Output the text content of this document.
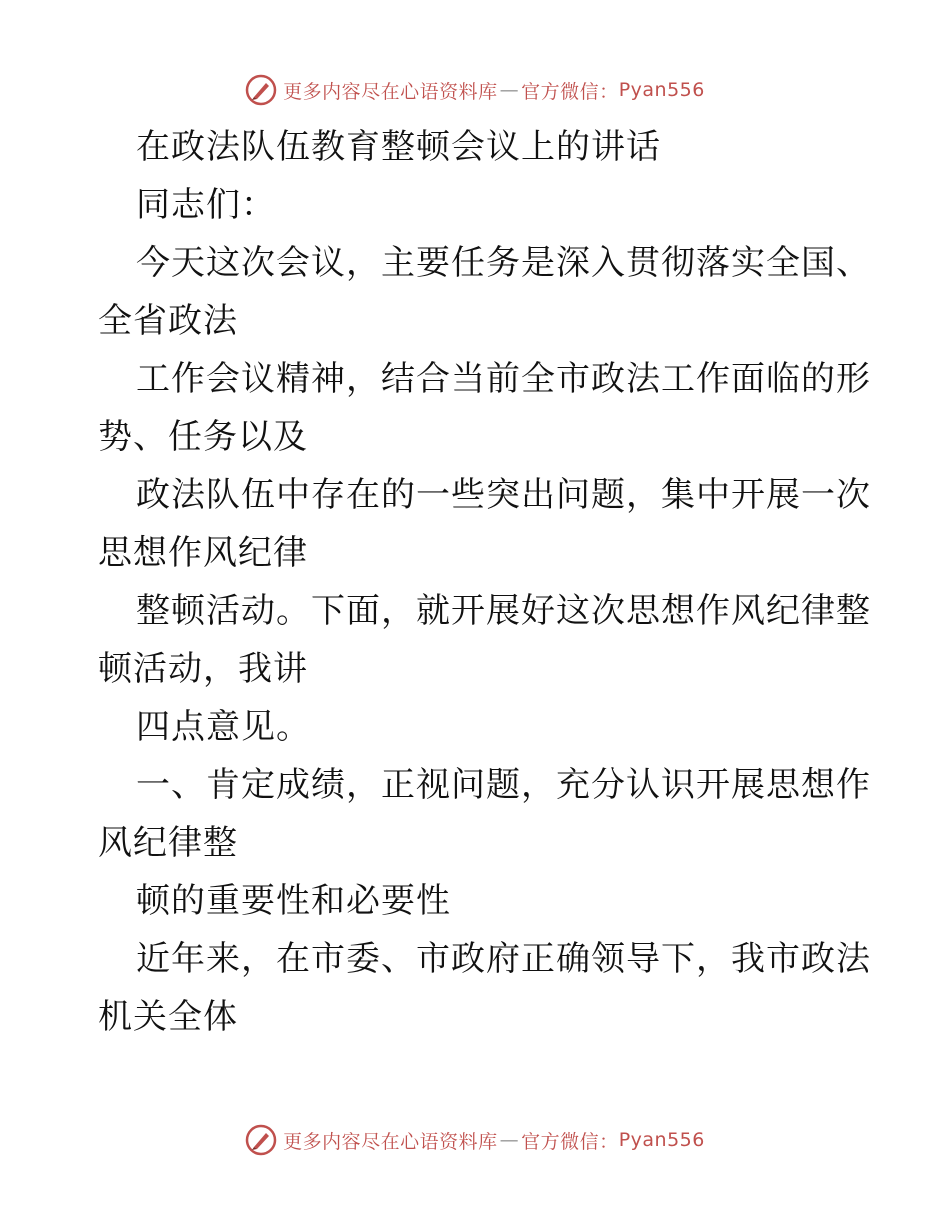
更多内容尽在心语资料库 — 官方微信： Pyan556
在政法队伍教育整顿会议上的讲话
同志们：
今天这次会议，主要任务是深入贯彻落实全国、
全省政法
工作会议精神，结合当前全市政法工作面临的形
势、任务以及
政法队伍中存在的一些突出问题，集中开展一次
思想作风纪律
整顿活动。下面，就开展好这次思想作风纪律整
顿活动，我讲
四点意见。
一、肯定成绩，正视问题，充分认识开展思想作
风纪律整
顿的重要性和必要性
近年来，在市委、市政府正确领导下，我市政法
机关全体
更多内容尽在心语资料库 — 官方微信： Pyan556
